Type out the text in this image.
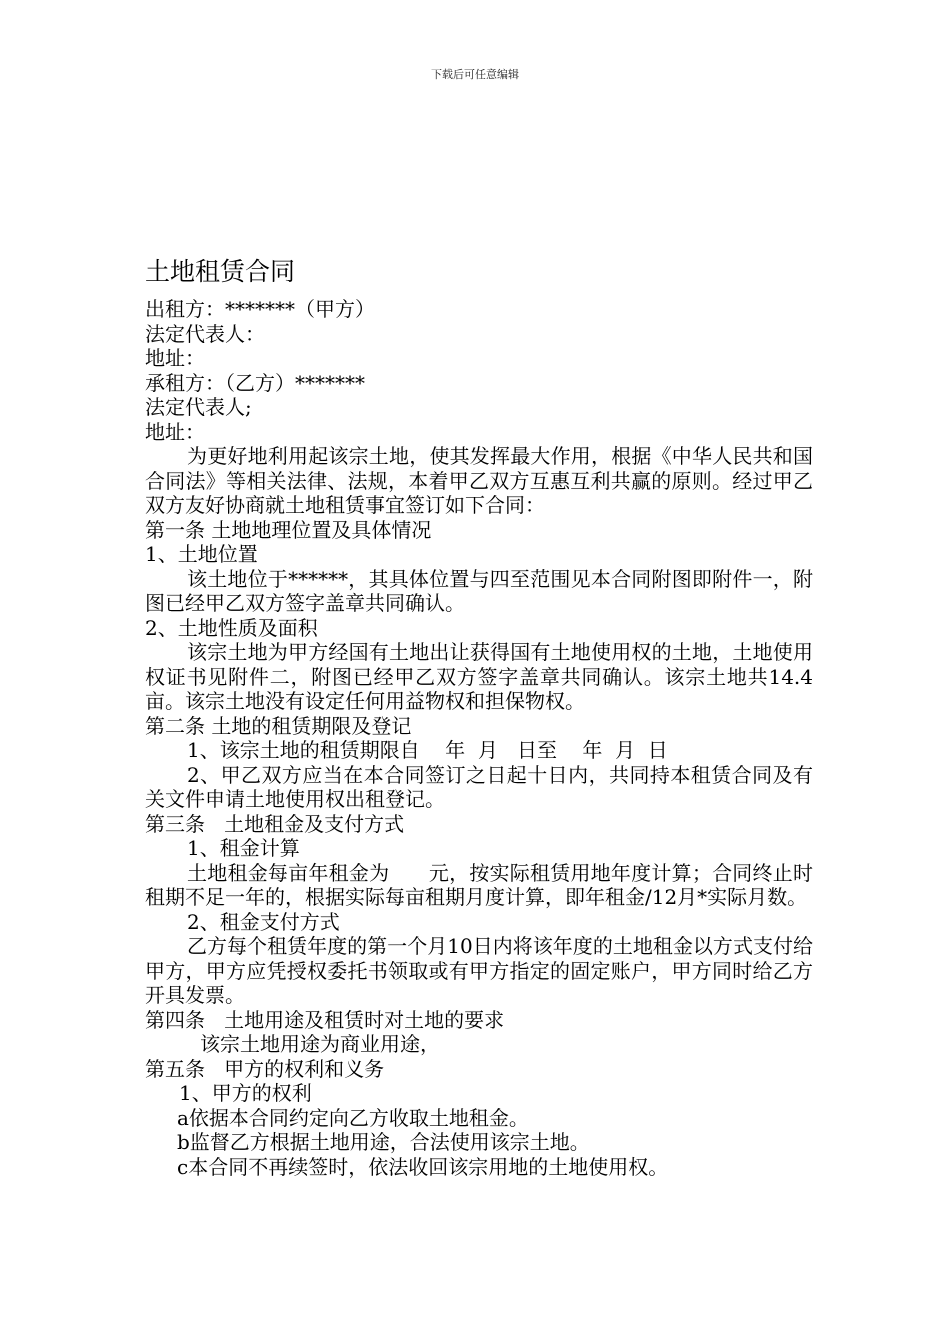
下载后可任意编辑
土地租赁合同
出租方：*******（甲方）
法定代表人：
地址：
承租方：（乙方）*******
法定代表人;
地址：
为更好地利用起该宗土地，使其发挥最大作用，根据《中华人民共和国合同法》等相关法律、法规，本着甲乙双方互惠互利共赢的原则。经过甲乙双方友好协商就土地租赁事宜签订如下合同：
第一条 土地地理位置及具体情况
1、土地位置
该土地位于******，其具体位置与四至范围见本合同附图即附件一，附图已经甲乙双方签字盖章共同确认。
2、土地性质及面积
该宗土地为甲方经国有土地出让获得国有土地使用权的土地，土地使用权证书见附件二，附图已经甲乙双方签字盖章共同确认。该宗土地共14.4亩。该宗土地没有设定任何用益物权和担保物权。
第二条 土地的租赁期限及登记
1、该宗土地的租赁期限自    年  月   日至    年  月  日
2、甲乙双方应当在本合同签订之日起十日内，共同持本租赁合同及有关文件申请土地使用权出租登记。
第三条   土地租金及支付方式
1、租金计算
土地租金每亩年租金为      元，按实际租赁用地年度计算；合同终止时租期不足一年的，根据实际每亩租期月度计算，即年租金/12月*实际月数。
2、租金支付方式
乙方每个租赁年度的第一个月10日内将该年度的土地租金以方式支付给甲方，甲方应凭授权委托书领取或有甲方指定的固定账户，甲方同时给乙方开具发票。
第四条   土地用途及租赁时对土地的要求
该宗土地用途为商业用途，
第五条   甲方的权利和义务
1、甲方的权利
a依据本合同约定向乙方收取土地租金。
b监督乙方根据土地用途，合法使用该宗土地。
c本合同不再续签时，依法收回该宗用地的土地使用权。
